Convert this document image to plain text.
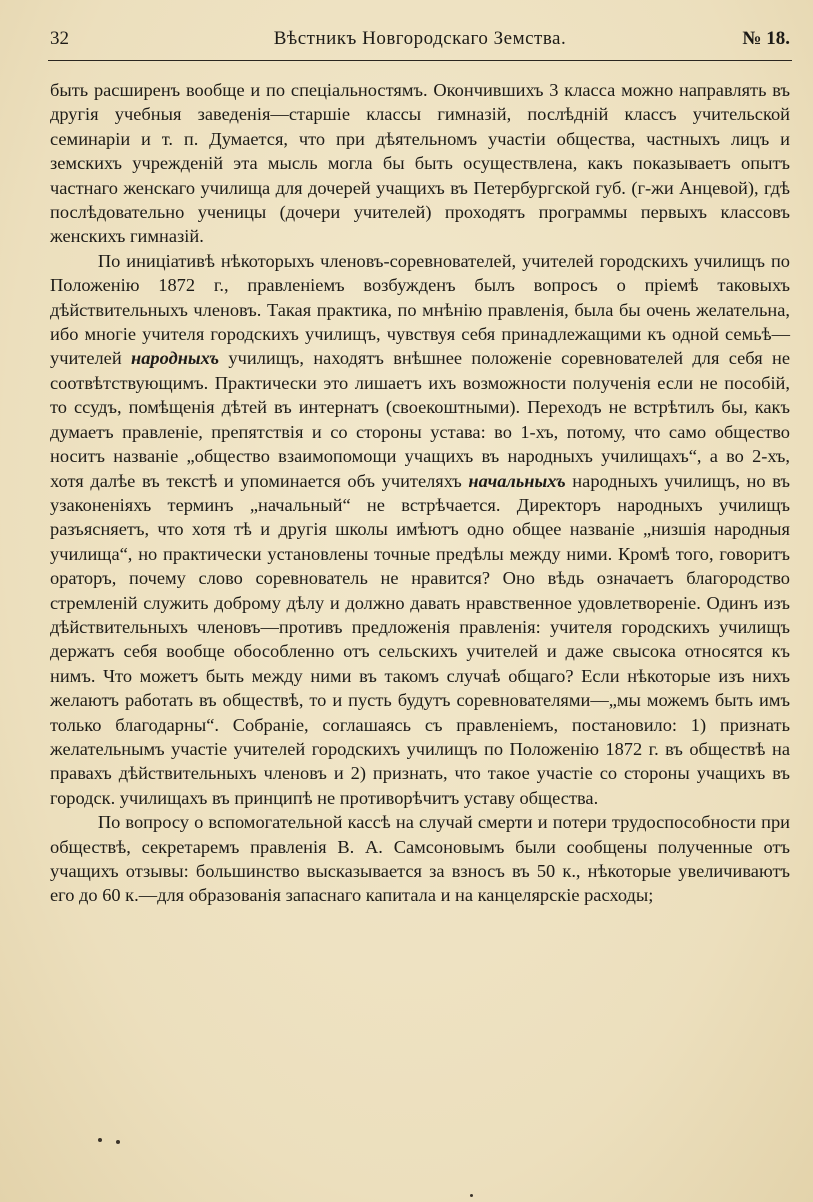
32	Вѣстникъ Новгородскаго Земства.	№ 18.

быть расширенъ вообще и по спеціальностямъ. Окончившихъ 3 класса можно направлять въ другія учебныя заведенія—старшіе классы гимназій, послѣдній классъ учительской семинаріи и т. п. Думается, что при дѣятельномъ участіи общества, частныхъ лицъ и земскихъ учрежденій эта мысль могла бы быть осуществлена, какъ показываетъ опытъ частнаго женскаго училища для дочерей учащихъ въ Петербургской губ. (г-жи Анцевой), гдѣ послѣдовательно ученицы (дочери учителей) проходятъ программы первыхъ классовъ женскихъ гимназій.

По иниціативѣ нѣкоторыхъ членовъ-соревнователей, учителей городскихъ училищъ по Положенію 1872 г., правленіемъ возбужденъ былъ вопросъ о пріемѣ таковыхъ дѣйствительныхъ членовъ. Такая практика, по мнѣнію правленія, была бы очень желательна, ибо многіе учителя городскихъ училищъ, чувствуя себя принадлежащими къ одной семьѣ—учителей народныхъ училищъ, находятъ внѣшнее положеніе соревнователей для себя не соотвѣтствующимъ. Практически это лишаетъ ихъ возможности полученія если не пособій, то ссудъ, помѣщенія дѣтей въ интернатъ (своекоштными). Переходъ не встрѣтилъ бы, какъ думаетъ правленіе, препятствія и со стороны устава: во 1-хъ, потому, что само общество носитъ названіе „общество взаимопомощи учащихъ въ народныхъ училищахъ“, а во 2-хъ, хотя далѣе въ текстѣ и упоминается объ учителяхъ начальныхъ народныхъ училищъ, но въ узаконеніяхъ терминъ „начальный“ не встрѣчается. Директоръ народныхъ училищъ разъясняетъ, что хотя тѣ и другія школы имѣютъ одно общее названіе „низшія народныя училища“, но практически установлены точные предѣлы между ними. Кромѣ того, говоритъ ораторъ, почему слово соревнователь не нравится? Оно вѣдь означаетъ благородство стремленій служить доброму дѣлу и должно давать нравственное удовлетвореніе. Одинъ изъ дѣйствительныхъ членовъ—противъ предложенія правленія: учителя городскихъ училищъ держатъ себя вообще обособленно отъ сельскихъ учителей и даже свысока относятся къ нимъ. Что можетъ быть между ними въ такомъ случаѣ общаго? Если нѣкоторые изъ нихъ желаютъ работать въ обществѣ, то и пусть будутъ соревнователями—„мы можемъ быть имъ только благодарны“. Собраніе, соглашаясь съ правленіемъ, постановило: 1) признать желательнымъ участіе учителей городскихъ училищъ по Положенію 1872 г. въ обществѣ на правахъ дѣйствительныхъ членовъ и 2) признать, что такое участіе со стороны учащихъ въ городск. училищахъ въ принципѣ не противорѣчитъ уставу общества.

По вопросу о вспомогательной кассѣ на случай смерти и потери трудоспособности при обществѣ, секретаремъ правленія В. А. Самсоновымъ были сообщены полученные отъ учащихъ отзывы: большинство высказывается за взносъ въ 50 к., нѣкоторые увеличиваютъ его до 60 к.—для образованія запаснаго капитала и на канцелярскіе расходы;
